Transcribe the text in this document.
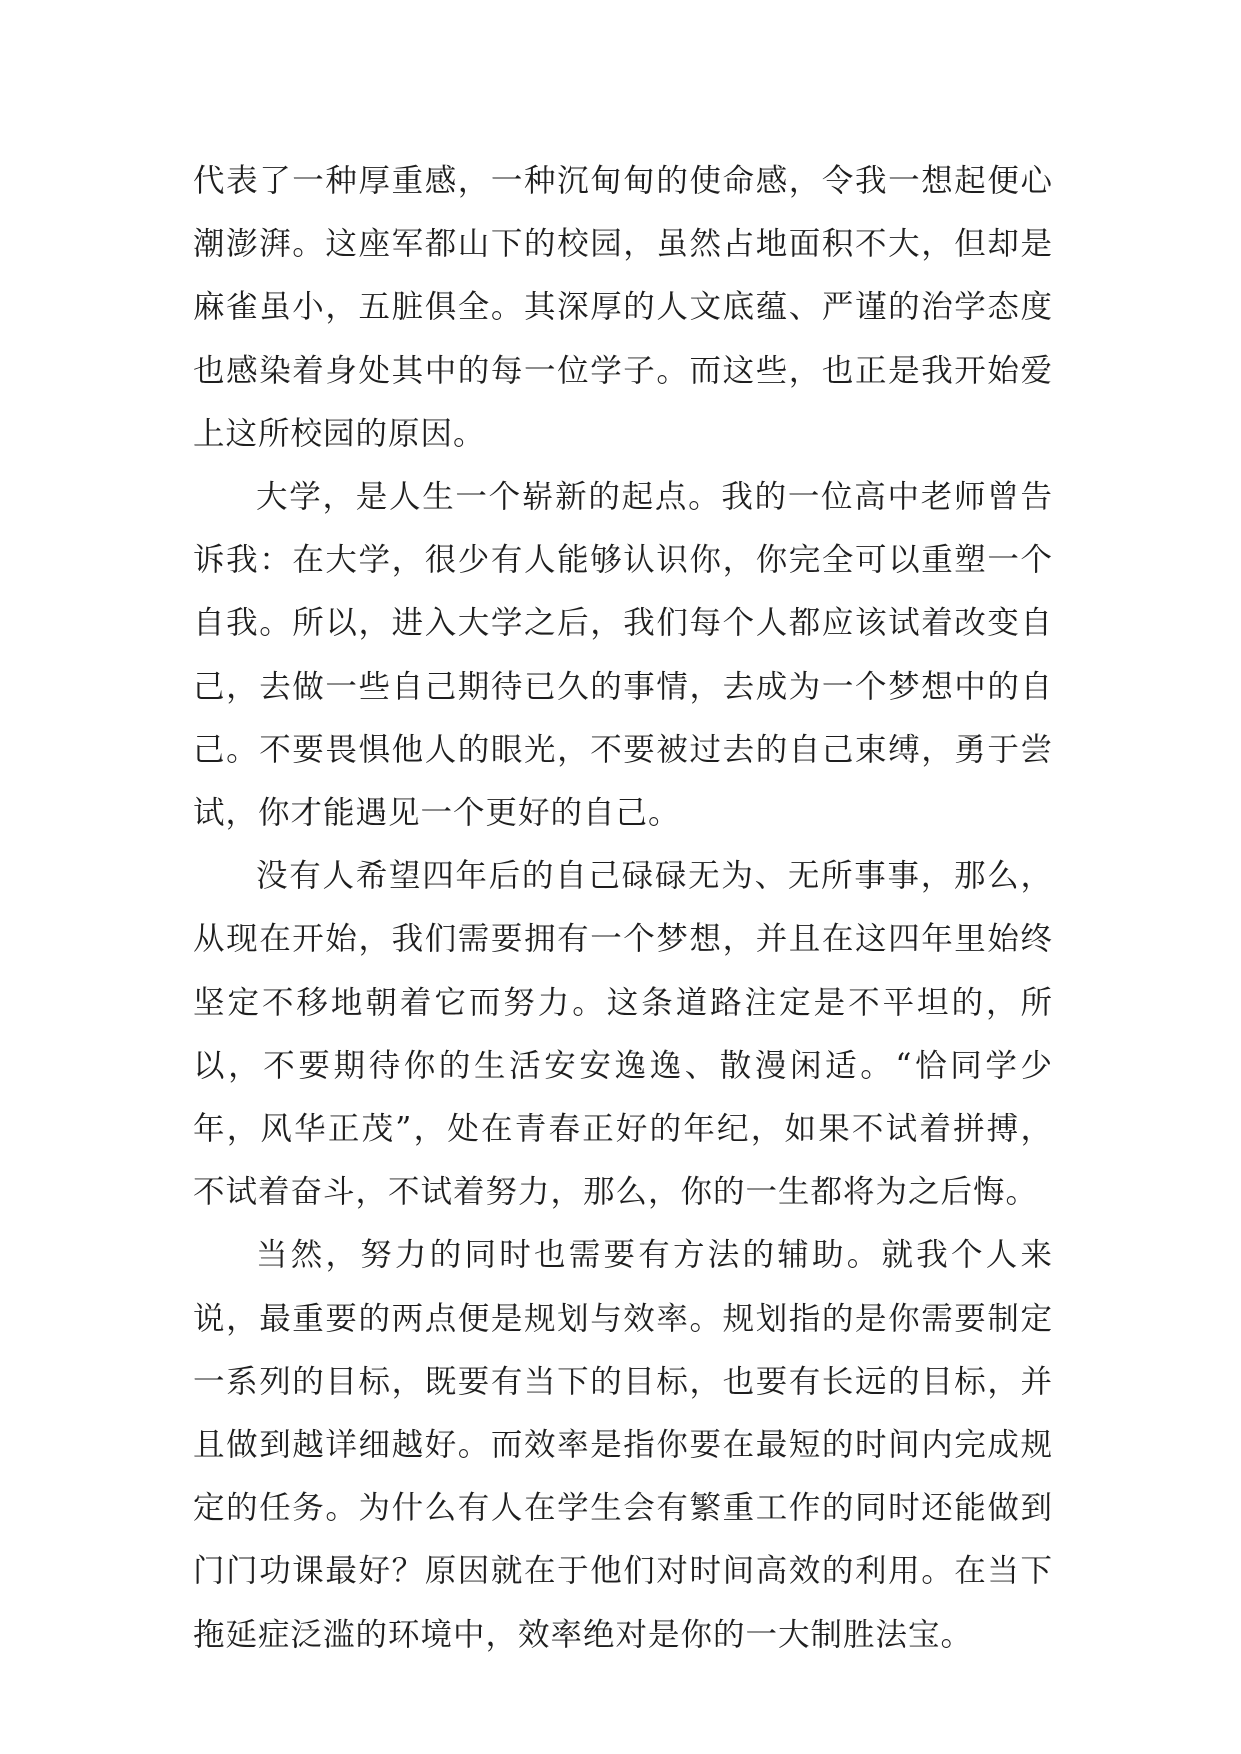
代表了一种厚重感，一种沉甸甸的使命感，令我一想起便心潮澎湃。这座军都山下的校园，虽然占地面积不大，但却是麻雀虽小，五脏俱全。其深厚的人文底蕴、严谨的治学态度也感染着身处其中的每一位学子。而这些，也正是我开始爱上这所校园的原因。

大学，是人生一个崭新的起点。我的一位高中老师曾告诉我：在大学，很少有人能够认识你，你完全可以重塑一个自我。所以，进入大学之后，我们每个人都应该试着改变自己，去做一些自己期待已久的事情，去成为一个梦想中的自己。不要畏惧他人的眼光，不要被过去的自己束缚，勇于尝试，你才能遇见一个更好的自己。

没有人希望四年后的自己碌碌无为、无所事事，那么，从现在开始，我们需要拥有一个梦想，并且在这四年里始终坚定不移地朝着它而努力。这条道路注定是不平坦的，所以，不要期待你的生活安安逸逸、散漫闲适。“恰同学少年，风华正茂”，处在青春正好的年纪，如果不试着拼搏，不试着奋斗，不试着努力，那么，你的一生都将为之后悔。

当然，努力的同时也需要有方法的辅助。就我个人来说，最重要的两点便是规划与效率。规划指的是你需要制定一系列的目标，既要有当下的目标，也要有长远的目标，并且做到越详细越好。而效率是指你要在最短的时间内完成规定的任务。为什么有人在学生会有繁重工作的同时还能做到门门功课最好？原因就在于他们对时间高效的利用。在当下拖延症泛滥的环境中，效率绝对是你的一大制胜法宝。
